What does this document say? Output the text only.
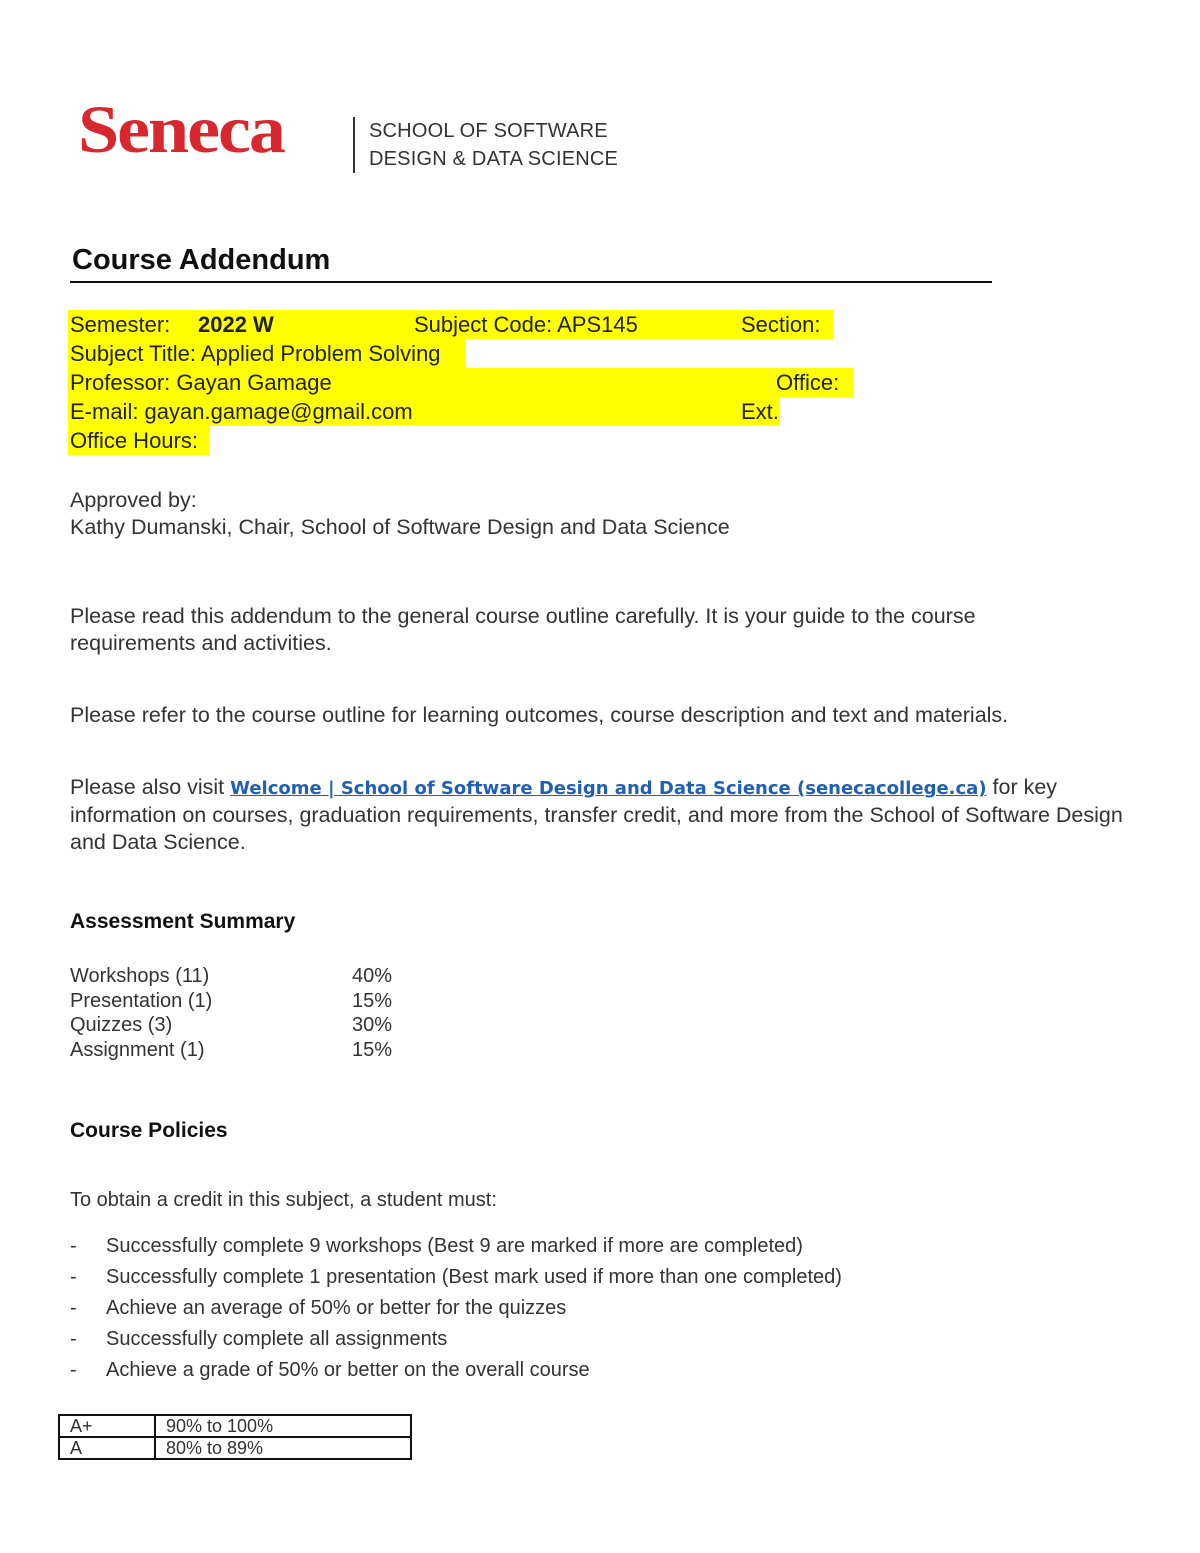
Seneca	SCHOOL OF SOFTWARE
DESIGN & DATA SCIENCE
Course Addendum
Semester: 2022 W	Subject Code: APS145	Section:
Subject Title: Applied Problem Solving
Professor: Gayan Gamage	Office:
E-mail: gayan.gamage@gmail.com	Ext.
Office Hours:
Approved by:
Kathy Dumanski, Chair, School of Software Design and Data Science
Please read this addendum to the general course outline carefully. It is your guide to the course requirements and activities.
Please refer to the course outline for learning outcomes, course description and text and materials.
Please also visit Welcome | School of Software Design and Data Science (senecacollege.ca) for key information on courses, graduation requirements, transfer credit, and more from the School of Software Design and Data Science.
Assessment Summary
Workshops (11)	40%
Presentation (1)	15%
Quizzes (3)	30%
Assignment (1)	15%
Course Policies
To obtain a credit in this subject, a student must:
- Successfully complete 9 workshops (Best 9 are marked if more are completed)
- Successfully complete 1 presentation (Best mark used if more than one completed)
- Achieve an average of 50% or better for the quizzes
- Successfully complete all assignments
- Achieve a grade of 50% or better on the overall course
A+	90% to 100%
A	80% to 89%
